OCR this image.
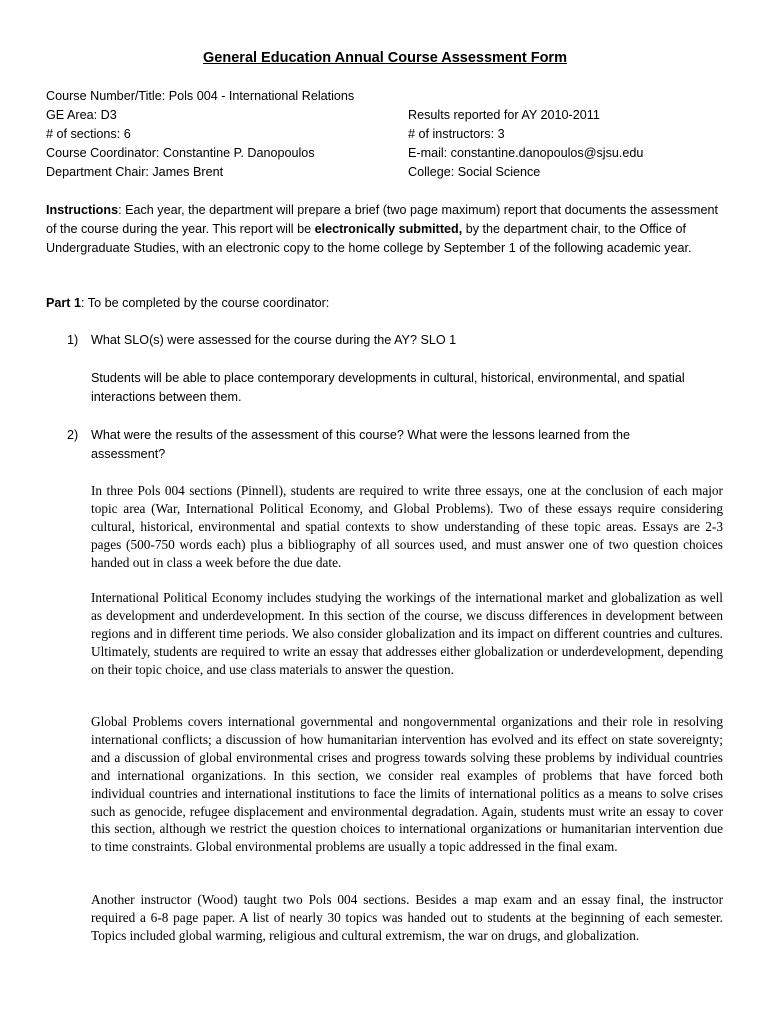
General Education Annual Course Assessment Form
Course Number/Title: Pols 004 - International Relations
GE Area: D3
# of sections: 6
Course Coordinator: Constantine P. Danopoulos
Department Chair: James Brent
Results reported for AY 2010-2011
# of instructors: 3
E-mail: constantine.danopoulos@sjsu.edu
College: Social Science
Instructions: Each year, the department will prepare a brief (two page maximum) report that documents the assessment of the course during the year. This report will be electronically submitted, by the department chair, to the Office of Undergraduate Studies, with an electronic copy to the home college by September 1 of the following academic year.
Part 1: To be completed by the course coordinator:
1) What SLO(s) were assessed for the course during the AY? SLO 1
Students will be able to place contemporary developments in cultural, historical, environmental, and spatial interactions between them.
2) What were the results of the assessment of this course? What were the lessons learned from the assessment?
In three Pols 004 sections (Pinnell), students are required to write three essays, one at the conclusion of each major topic area (War, International Political Economy, and Global Problems). Two of these essays require considering cultural, historical, environmental and spatial contexts to show understanding of these topic areas. Essays are 2-3 pages (500-750 words each) plus a bibliography of all sources used, and must answer one of two question choices handed out in class a week before the due date.
International Political Economy includes studying the workings of the international market and globalization as well as development and underdevelopment. In this section of the course, we discuss differences in development between regions and in different time periods. We also consider globalization and its impact on different countries and cultures. Ultimately, students are required to write an essay that addresses either globalization or underdevelopment, depending on their topic choice, and use class materials to answer the question.
Global Problems covers international governmental and nongovernmental organizations and their role in resolving international conflicts; a discussion of how humanitarian intervention has evolved and its effect on state sovereignty; and a discussion of global environmental crises and progress towards solving these problems by individual countries and international organizations. In this section, we consider real examples of problems that have forced both individual countries and international institutions to face the limits of international politics as a means to solve crises such as genocide, refugee displacement and environmental degradation. Again, students must write an essay to cover this section, although we restrict the question choices to international organizations or humanitarian intervention due to time constraints. Global environmental problems are usually a topic addressed in the final exam.
Another instructor (Wood) taught two Pols 004 sections. Besides a map exam and an essay final, the instructor required a 6-8 page paper. A list of nearly 30 topics was handed out to students at the beginning of each semester. Topics included global warming, religious and cultural extremism, the war on drugs, and globalization.
